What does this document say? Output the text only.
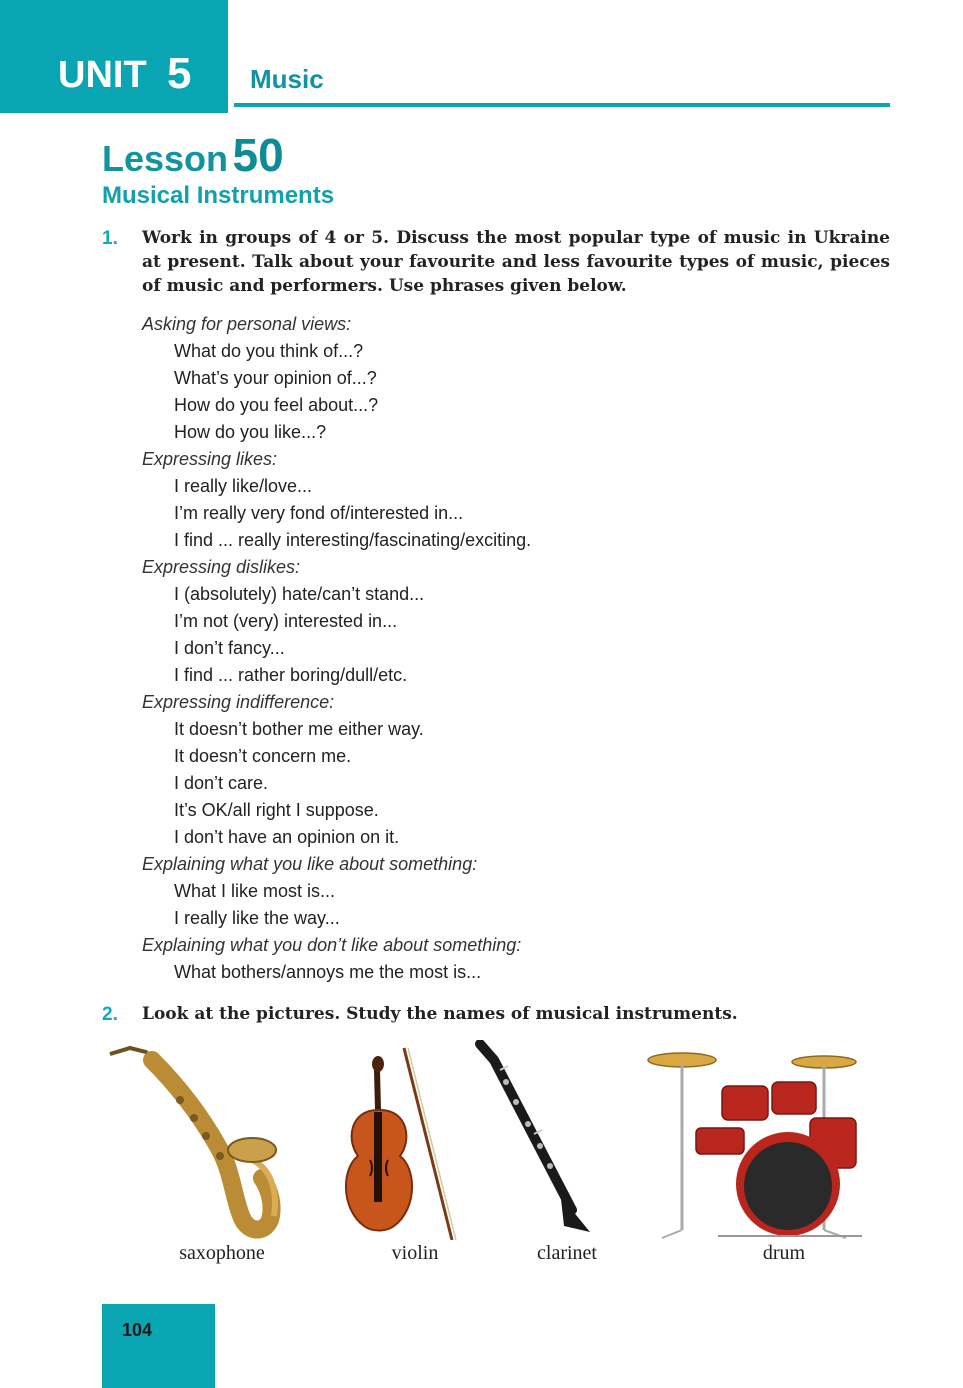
UNIT 5 Music
Lesson 50
Musical Instruments
1. Work in groups of 4 or 5. Discuss the most popular type of music in Ukraine at present. Talk about your favourite and less favourite types of music, pieces of music and performers. Use phrases given below.
Asking for personal views:
What do you think of...?
What’s your opinion of...?
How do you feel about...?
How do you like...?
Expressing likes:
I really like/love...
I’m really very fond of/interested in...
I find ... really interesting/fascinating/exciting.
Expressing dislikes:
I (absolutely) hate/can’t stand...
I’m not (very) interested in...
I don’t fancy...
I find ... rather boring/dull/etc.
Expressing indifference:
It doesn’t bother me either way.
It doesn’t concern me.
I don’t care.
It’s OK/all right I suppose.
I don’t have an opinion on it.
Explaining what you like about something:
What I like most is...
I really like the way...
Explaining what you don’t like about something:
What bothers/annoys me the most is...
2. Look at the pictures. Study the names of musical instruments.
saxophone	violin	clarinet	drum
104
